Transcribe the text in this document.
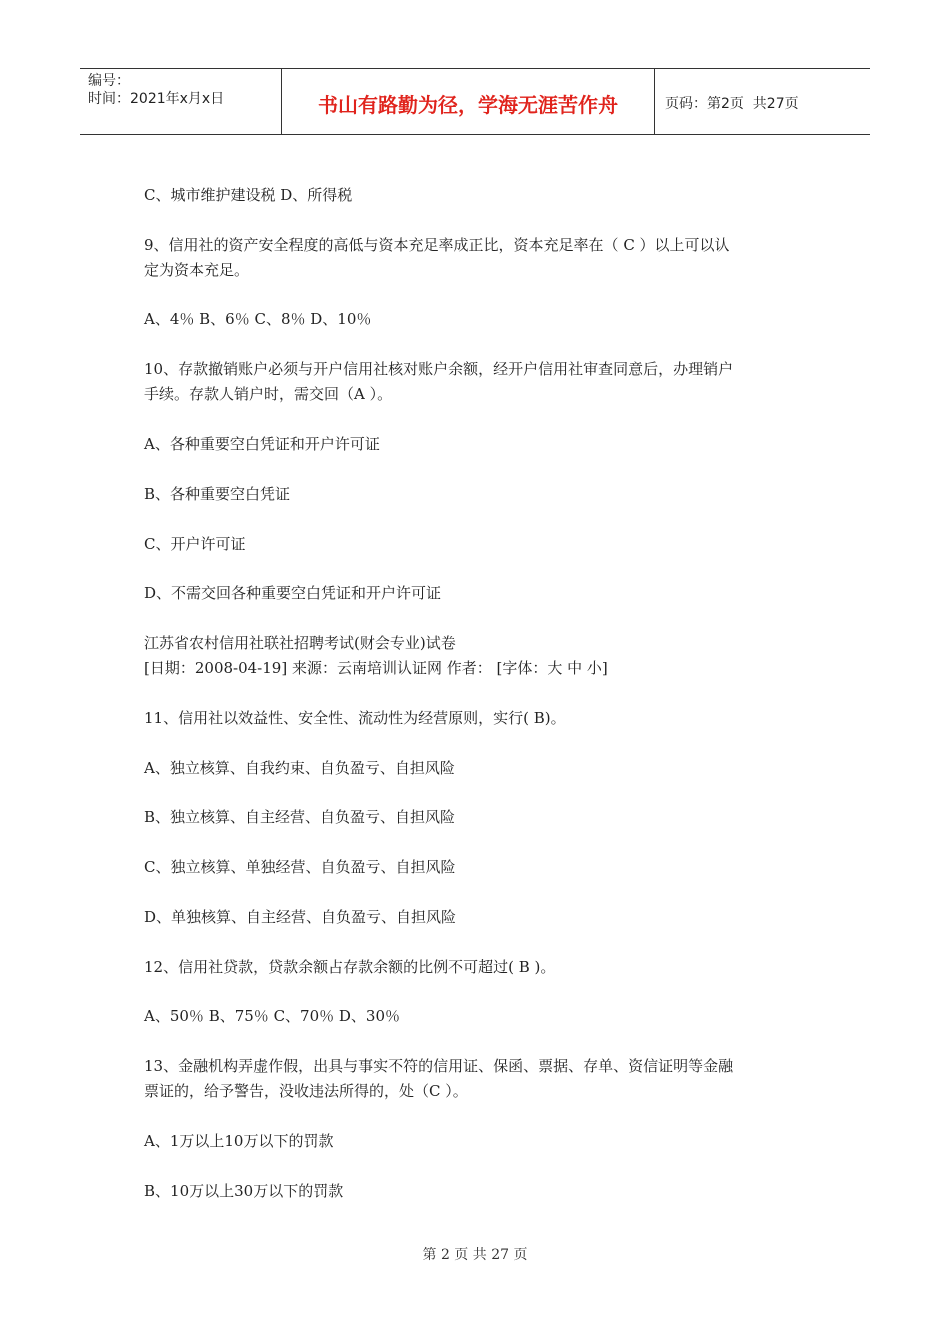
编号：
时间：2021年x月x日	书山有路勤为径，学海无涯苦作舟	页码：第2页  共27页
C、城市维护建设税 D、所得税
9、信用社的资产安全程度的高低与资本充足率成正比，资本充足率在（ C ）以上可以认
定为资本充足。
A、4％ B、6％ C、8％ D、10％
10、存款撤销账户必须与开户信用社核对账户余额，经开户信用社审查同意后，办理销户
手续。存款人销户时，需交回（A ）。
A、各种重要空白凭证和开户许可证
B、各种重要空白凭证
C、开户许可证
D、不需交回各种重要空白凭证和开户许可证
江苏省农村信用社联社招聘考试(财会专业)试卷
[日期：2008-04-19] 来源：云南培训认证网 作者： [字体：大 中 小]
11、信用社以效益性、安全性、流动性为经营原则，实行( B)。
A、独立核算、自我约束、自负盈亏、自担风险
B、独立核算、自主经营、自负盈亏、自担风险
C、独立核算、单独经营、自负盈亏、自担风险
D、单独核算、自主经营、自负盈亏、自担风险
12、信用社贷款，贷款余额占存款余额的比例不可超过( B )。
A、50％ B、75％ C、70％ D、30％
13、金融机构弄虚作假，出具与事实不符的信用证、保函、票据、存单、资信证明等金融
票证的，给予警告，没收违法所得的，处（C ）。
A、1万以上10万以下的罚款
B、10万以上30万以下的罚款
第 2 页 共 27 页
